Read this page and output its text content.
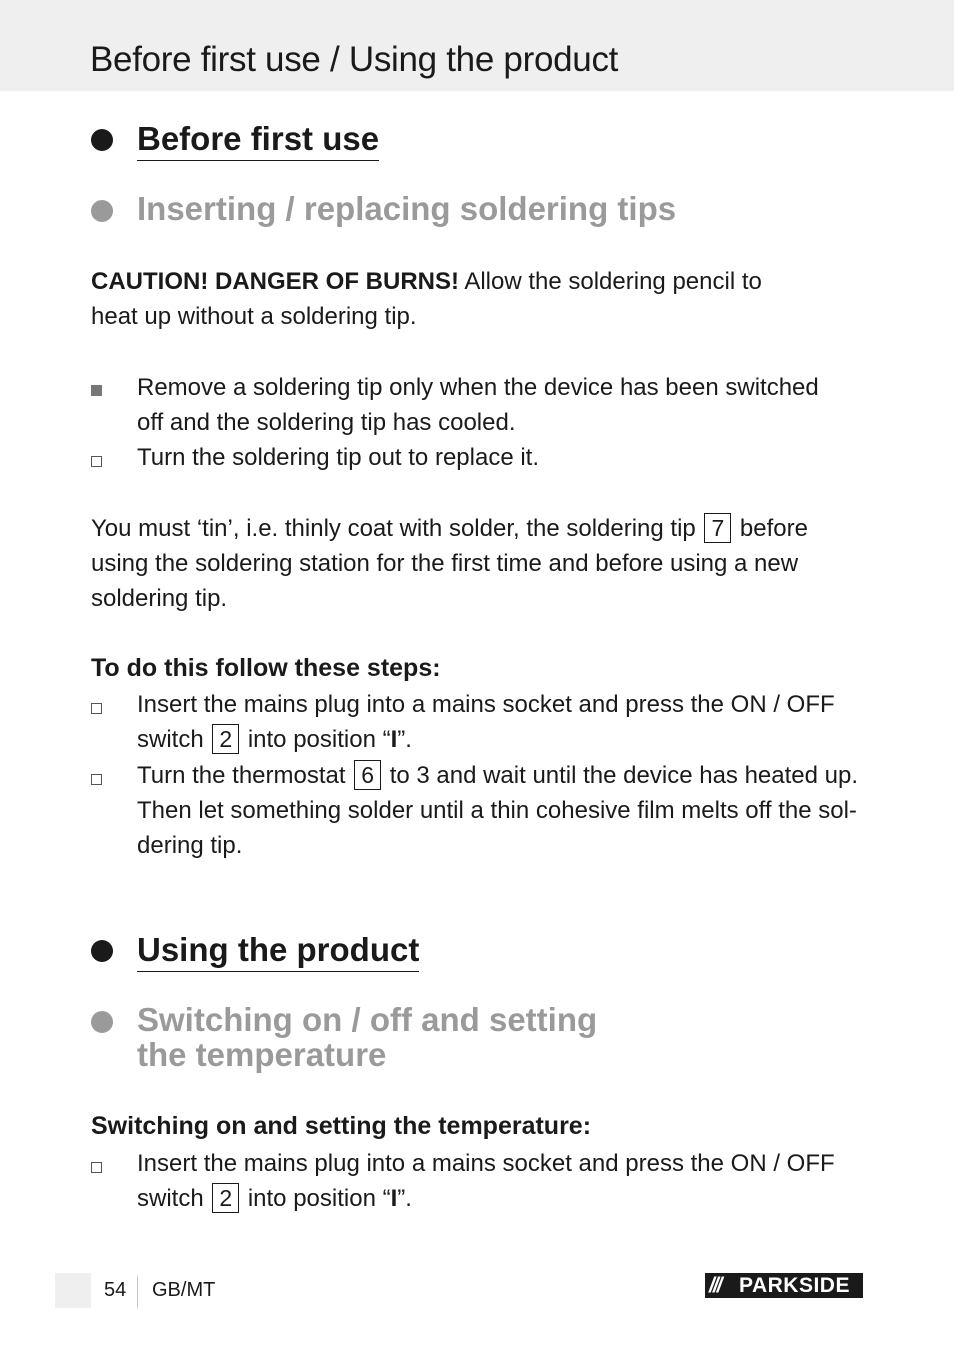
Before first use / Using the product
Before first use
Inserting / replacing soldering tips
CAUTION! DANGER OF BURNS! Allow the soldering pencil to
heat up without a soldering tip.
Remove a soldering tip only when the device has been switched
off and the soldering tip has cooled.
Turn the soldering tip out to replace it.
You must ‘tin’, i.e. thinly coat with solder, the soldering tip 7 before
using the soldering station for the first time and before using a new
soldering tip.
To do this follow these steps:
Insert the mains plug into a mains socket and press the ON / OFF
switch 2 into position “I”.
Turn the thermostat 6 to 3 and wait until the device has heated up.
Then let something solder until a thin cohesive film melts off the sol-
dering tip.
Using the product
Switching on / off and setting
the temperature
Switching on and setting the temperature:
Insert the mains plug into a mains socket and press the ON / OFF
switch 2 into position “I”.
54 GB/MT	/// PARKSIDE
